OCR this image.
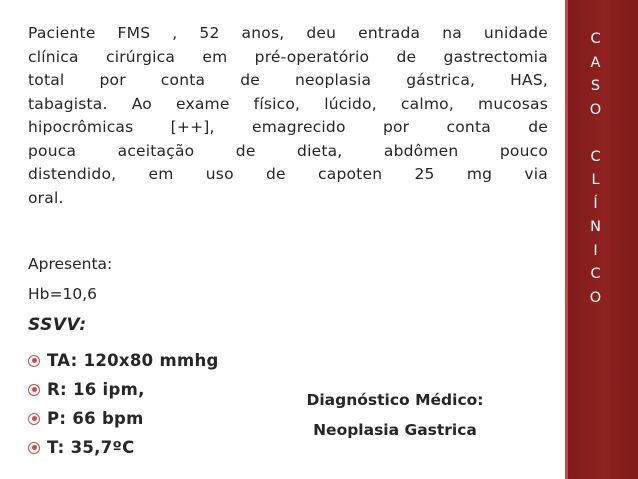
Paciente FMS , 52 anos, deu entrada na unidade
clínica cirúrgica em pré-operatório de gastrectomia
total por conta de neoplasia gástrica, HAS,
tabagista. Ao exame físico, lúcido, calmo, mucosas
hipocrômicas [++], emagrecido por conta de
pouca aceitação de dieta, abdômen pouco
distendido, em uso de capoten 25 mg via
oral.
Apresenta:
Hb=10,6
SSVV:
TA: 120x80 mmhg
R: 16 ipm,
P: 66 bpm
T: 35,7ºC
Diagnóstico Médico:
Neoplasia Gastrica
C
A
S
O
C
L
Í
N
I
C
O
